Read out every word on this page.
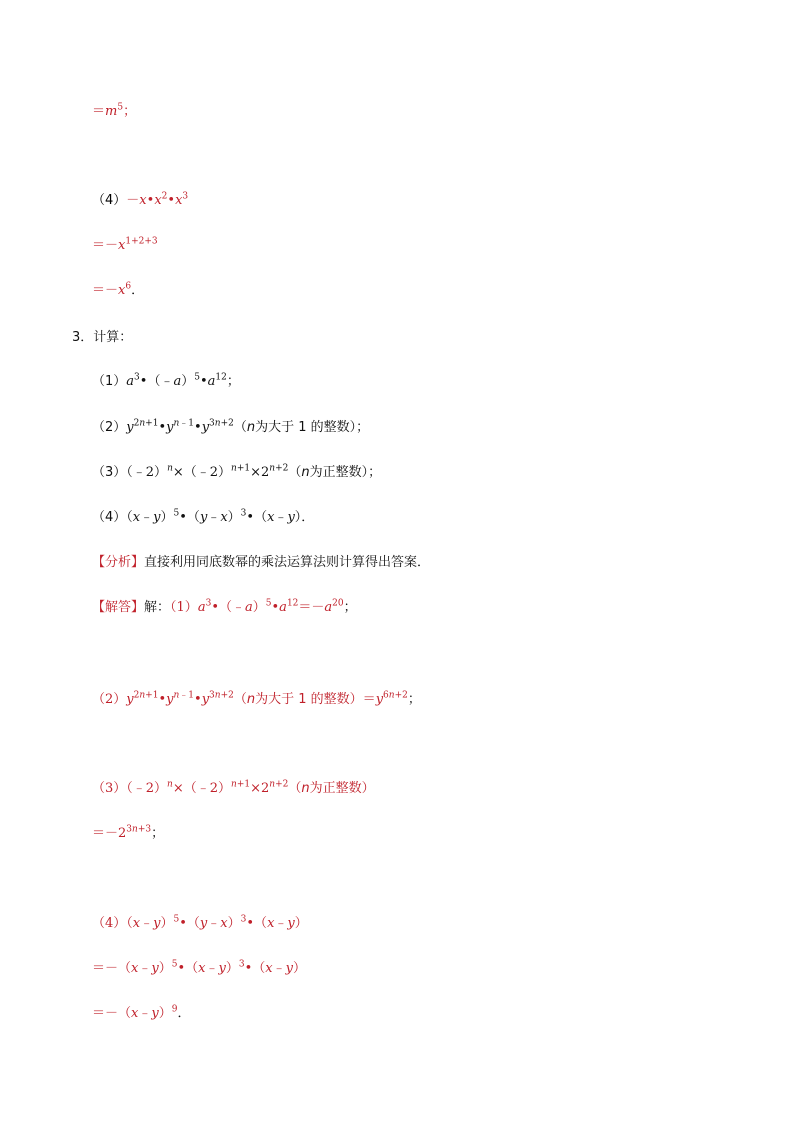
$=m^5$；
$(4)-x•x^2•x^3$
$=-x^{1+2+3}$
$=-x^6$．
3．计算：
$(1)a^3•(﹣a)^5•a^{12}$；
$(2)y^{2n+1}•y^{n﹣1}•y^{3n+2}(n$为大于 1 的整数）；
$(3)(﹣2)^n\times(﹣2)^{n+1}\times 2^{n+2}(n$为正整数）；
（4）（x﹣y）$^5$•（y﹣x）$^3$•（x﹣y）．
【分析】直接利用同底数幂的乘法运算法则计算得出答案．
【解答】解：$(1)a^3•(﹣a)^5•a^{12}=-a^{20}$；
$(2)y^{2n+1}•y^{n﹣1}•y^{3n+2}(n$为大于 1 的整数）$=y^{6n+2}$；
$(3)(﹣2)^n\times(﹣2)^{n+1}\times 2^{n+2}(n$为正整数）
$=-2^{3n+3}$；
（4）（x﹣y）$^5$•（y﹣x）$^3$•（x﹣y）
＝－（x﹣y）$^5$•（x﹣y）$^3$•（x﹣y）
＝－（x﹣y）$^9$．
